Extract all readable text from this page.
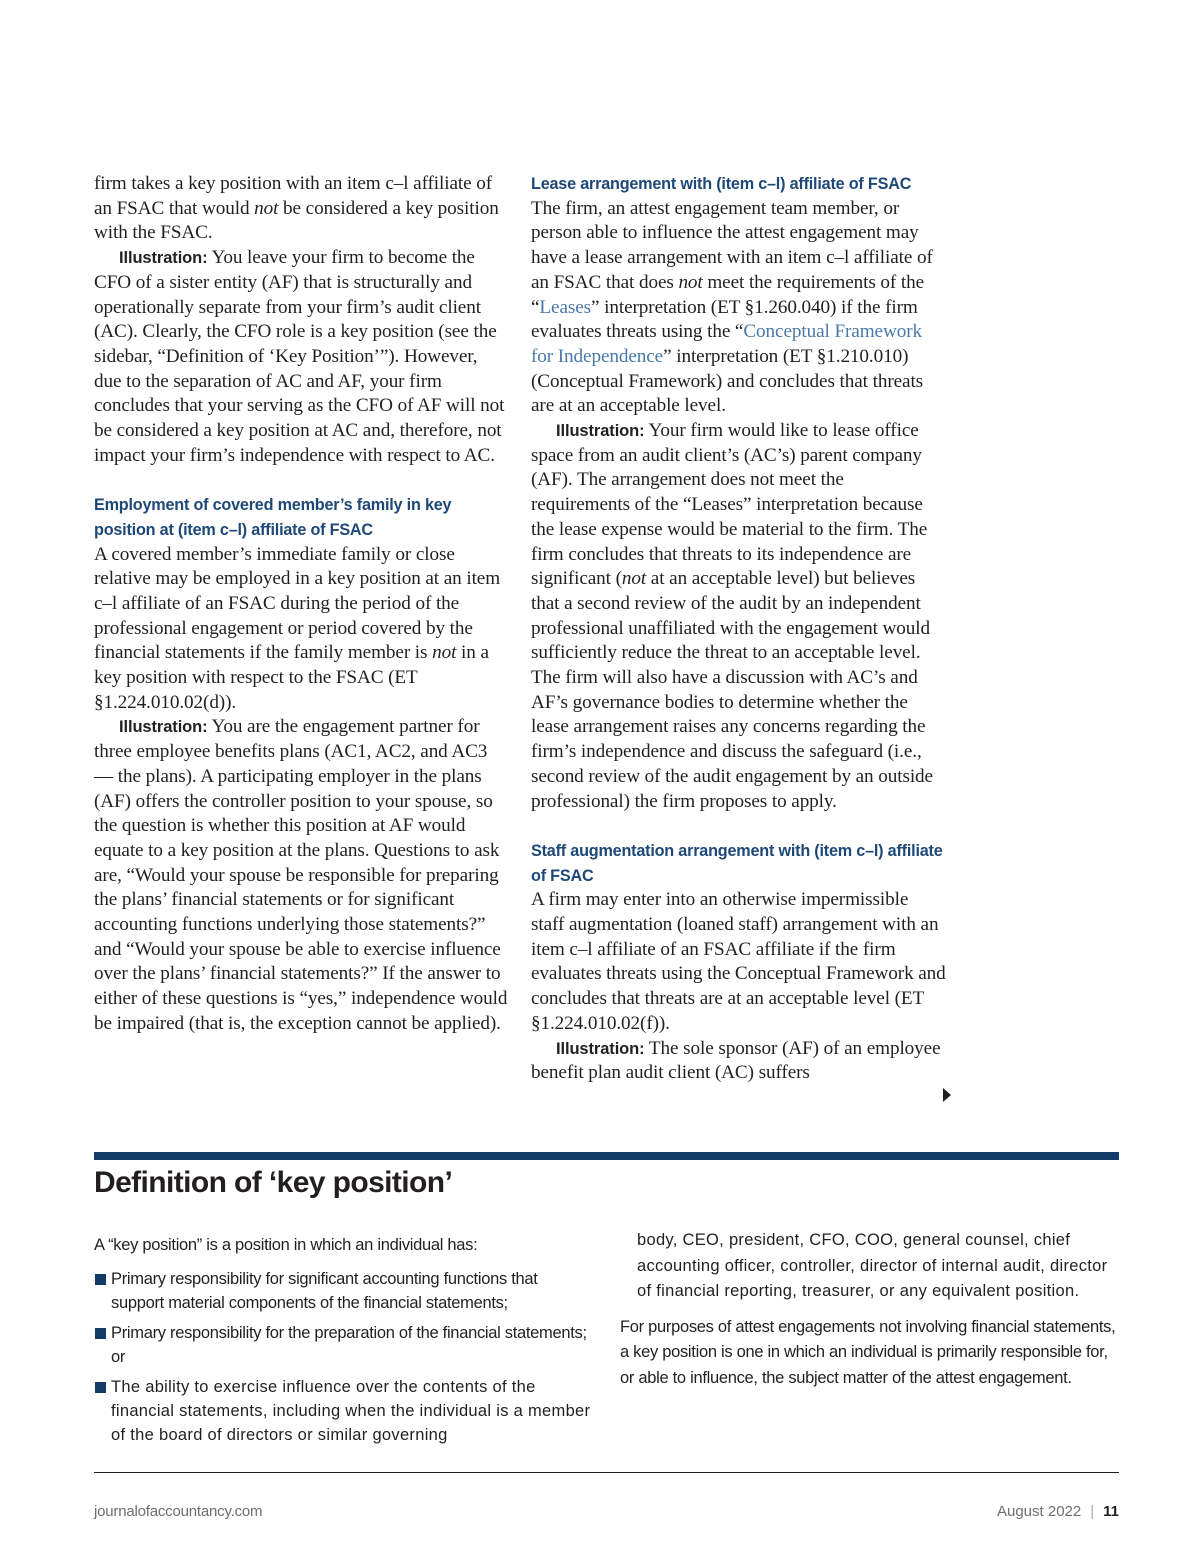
firm takes a key position with an item c–l affiliate of an FSAC that would not be considered a key position with the FSAC.

Illustration: You leave your firm to become the CFO of a sister entity (AF) that is structurally and operationally separate from your firm’s audit client (AC). Clearly, the CFO role is a key position (see the sidebar, “Definition of ‘Key Position’”). However, due to the separation of AC and AF, your firm concludes that your serving as the CFO of AF will not be considered a key position at AC and, therefore, not impact your firm’s independence with respect to AC.

Employment of covered member’s family in key position at (item c–l) affiliate of FSAC

A covered member’s immediate family or close relative may be employed in a key position at an item c–l affiliate of an FSAC during the period of the professional engagement or period covered by the financial statements if the family member is not in a key position with respect to the FSAC (ET §1.224.010.02(d)).

Illustration: You are the engagement partner for three employee benefits plans (AC1, AC2, and AC3 — the plans). A participating employer in the plans (AF) offers the controller position to your spouse, so the question is whether this position at AF would equate to a key position at the plans. Questions to ask are, “Would your spouse be responsible for preparing the plans’ financial statements or for significant accounting functions underlying those statements?” and “Would your spouse be able to exercise influence over the plans’ financial statements?” If the answer to either of these questions is “yes,” independence would be impaired (that is, the exception cannot be applied).

Lease arrangement with (item c–l) affiliate of FSAC

The firm, an attest engagement team member, or person able to influence the attest engagement may have a lease arrangement with an item c–l affiliate of an FSAC that does not meet the requirements of the “Leases” interpretation (ET §1.260.040) if the firm evaluates threats using the “Conceptual Framework for Independence” interpretation (ET §1.210.010) (Conceptual Framework) and concludes that threats are at an acceptable level.

Illustration: Your firm would like to lease office space from an audit client’s (AC’s) parent company (AF). The arrangement does not meet the requirements of the “Leases” interpretation because the lease expense would be material to the firm. The firm concludes that threats to its independence are significant (not at an acceptable level) but believes that a second review of the audit by an independent professional unaffiliated with the engagement would sufficiently reduce the threat to an acceptable level. The firm will also have a discussion with AC’s and AF’s governance bodies to determine whether the lease arrangement raises any concerns regarding the firm’s independence and discuss the safeguard (i.e., second review of the audit engagement by an outside professional) the firm proposes to apply.

Staff augmentation arrangement with (item c–l) affiliate of FSAC

A firm may enter into an otherwise impermissible staff augmentation (loaned staff) arrangement with an item c–l affiliate of an FSAC affiliate if the firm evaluates threats using the Conceptual Framework and concludes that threats are at an acceptable level (ET §1.224.010.02(f)).

Illustration: The sole sponsor (AF) of an employee benefit plan audit client (AC) suffers

Definition of ‘key position’

A “key position” is a position in which an individual has:

Primary responsibility for significant accounting functions that support material components of the financial statements;
Primary responsibility for the preparation of the financial statements; or
The ability to exercise influence over the contents of the financial statements, including when the individual is a member of the board of directors or similar governing

body, CEO, president, CFO, COO, general counsel, chief accounting officer, controller, director of internal audit, director of financial reporting, treasurer, or any equivalent position.

For purposes of attest engagements not involving financial statements, a key position is one in which an individual is primarily responsible for, or able to influence, the subject matter of the attest engagement.

journalofaccountancy.com	August 2022 | 11
